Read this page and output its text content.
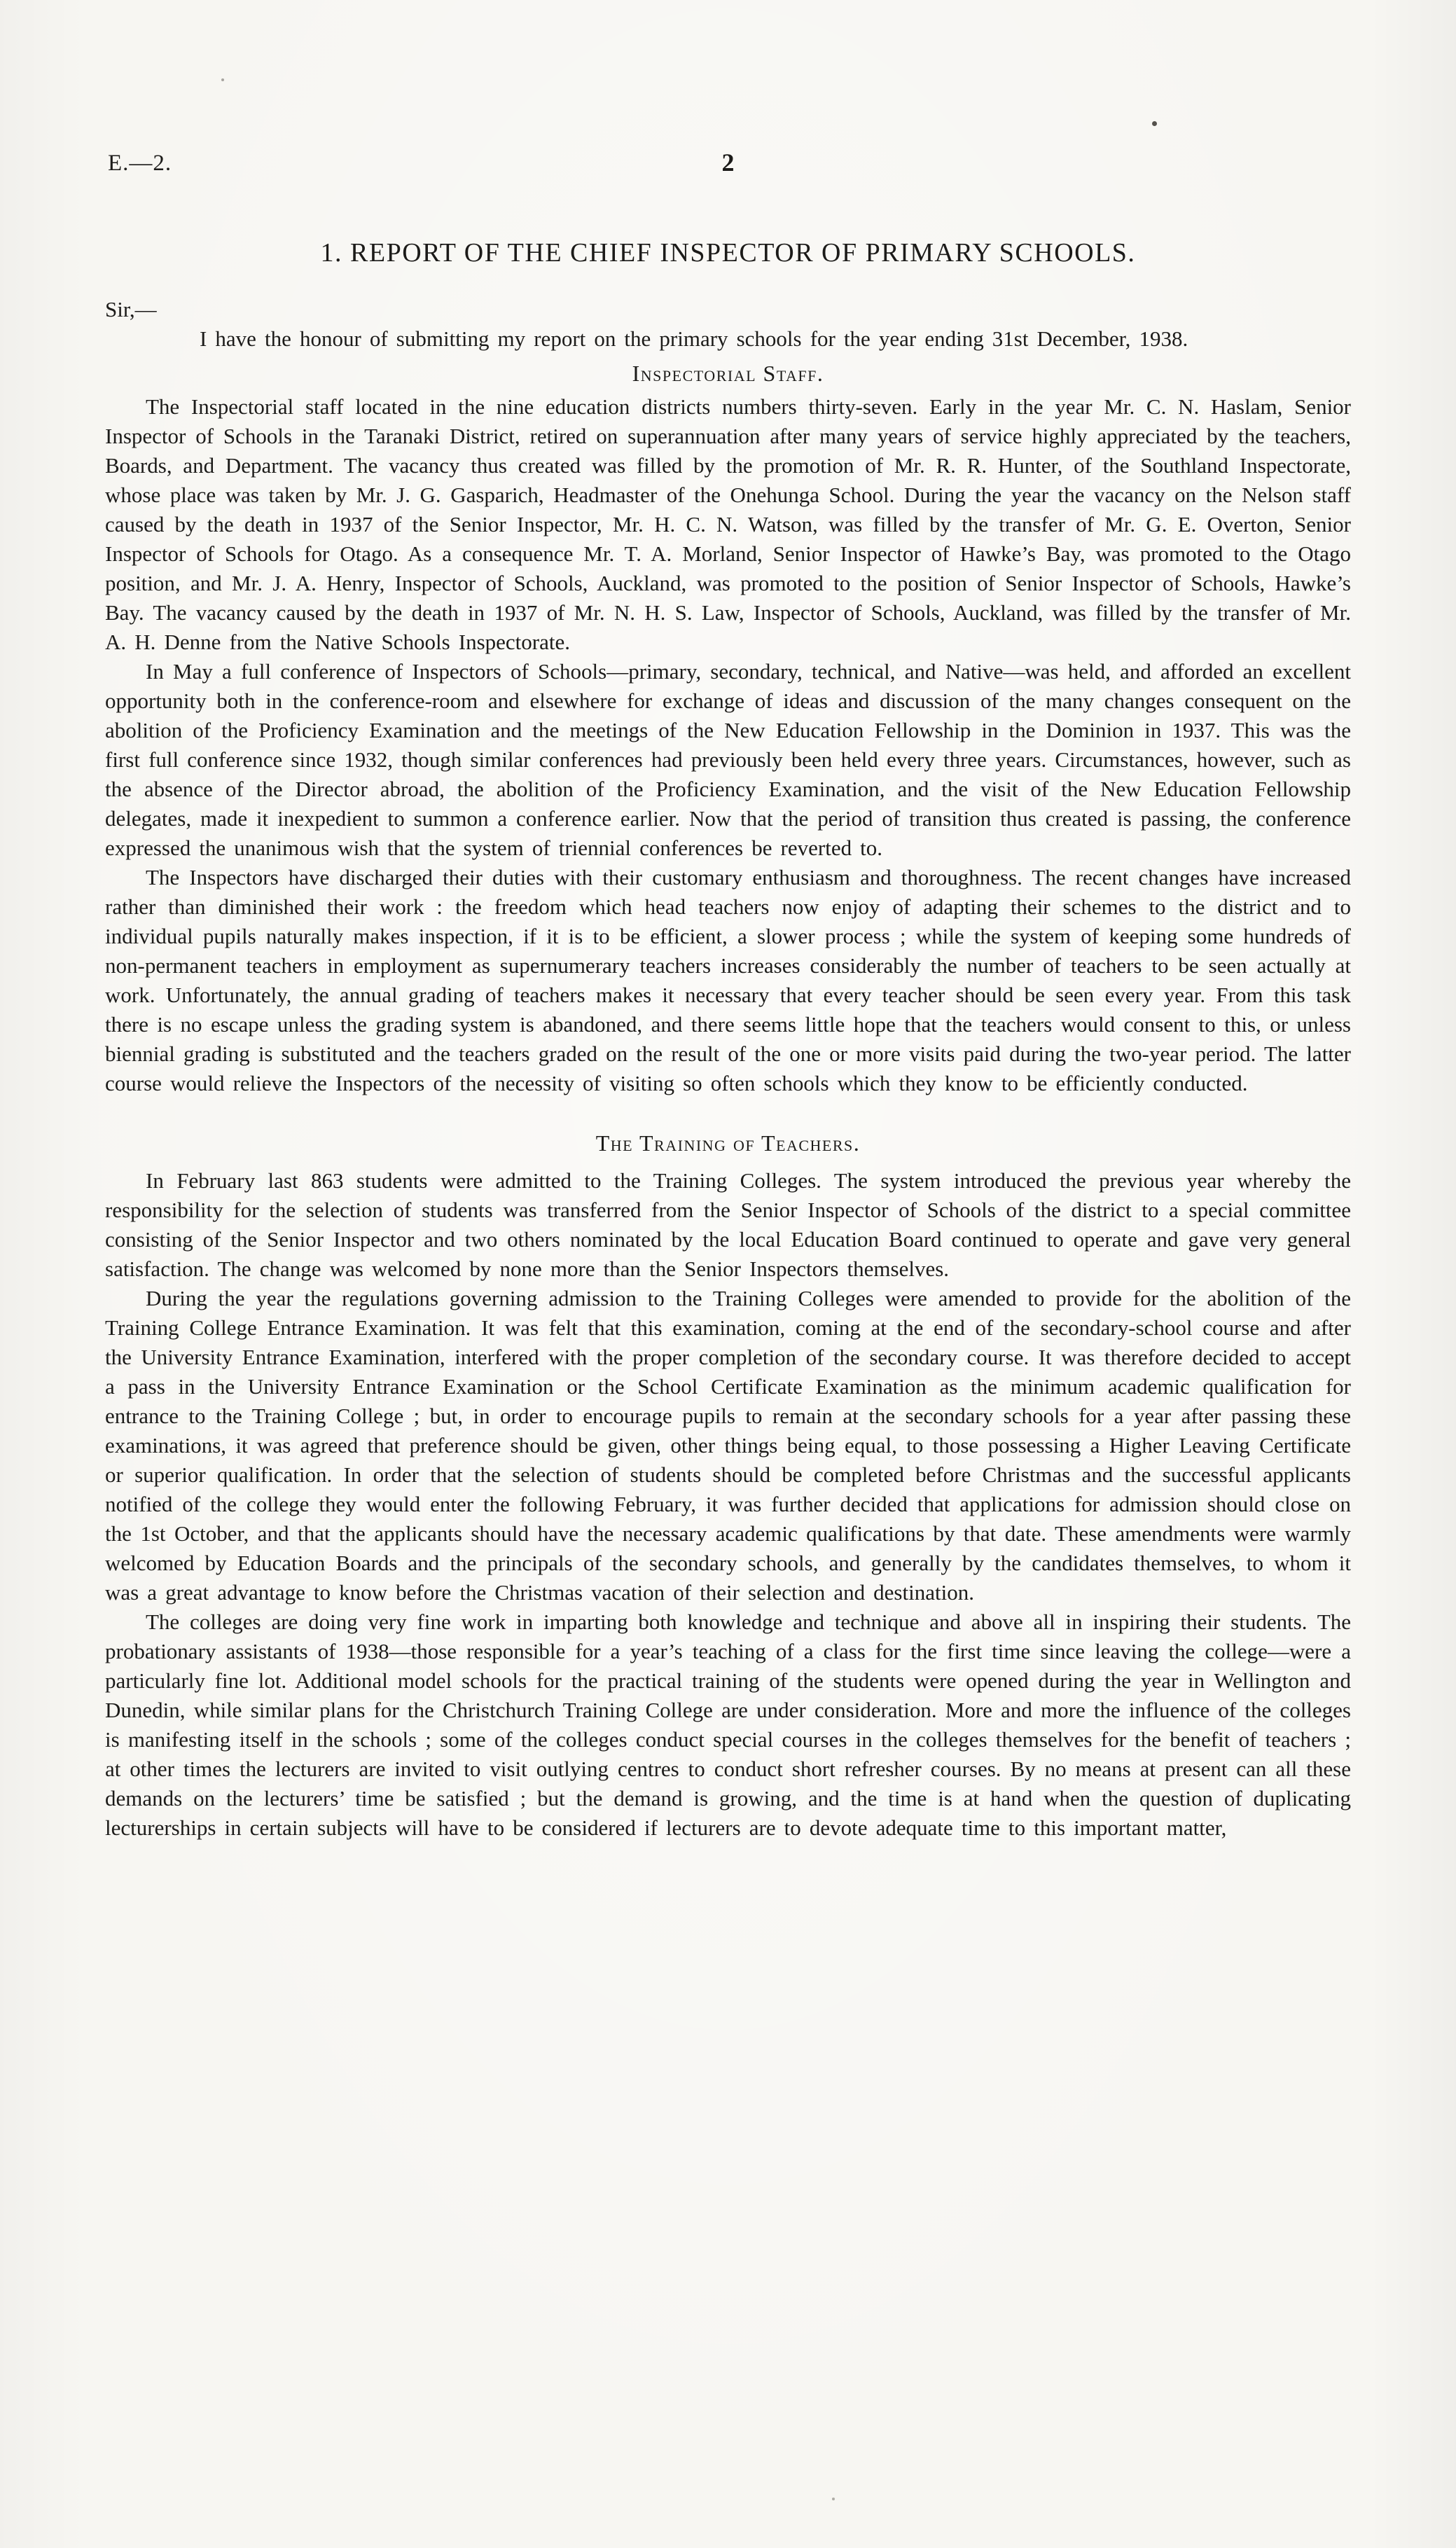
E.—2.	2
1. REPORT OF THE CHIEF INSPECTOR OF PRIMARY SCHOOLS.
Sir,—

I have the honour of submitting my report on the primary schools for the year ending 31st December, 1938.

Inspectorial Staff.

The Inspectorial staff located in the nine education districts numbers thirty-seven. Early in the year Mr. C. N. Haslam, Senior Inspector of Schools in the Taranaki District, retired on superannuation after many years of service highly appreciated by the teachers, Boards, and Department. The vacancy thus created was filled by the promotion of Mr. R. R. Hunter, of the Southland Inspectorate, whose place was taken by Mr. J. G. Gasparich, Headmaster of the Onehunga School. During the year the vacancy on the Nelson staff caused by the death in 1937 of the Senior Inspector, Mr. H. C. N. Watson, was filled by the transfer of Mr. G. E. Overton, Senior Inspector of Schools for Otago. As a consequence Mr. T. A. Morland, Senior Inspector of Hawke’s Bay, was promoted to the Otago position, and Mr. J. A. Henry, Inspector of Schools, Auckland, was promoted to the position of Senior Inspector of Schools, Hawke’s Bay. The vacancy caused by the death in 1937 of Mr. N. H. S. Law, Inspector of Schools, Auckland, was filled by the transfer of Mr. A. H. Denne from the Native Schools Inspectorate.

In May a full conference of Inspectors of Schools—primary, secondary, technical, and Native—was held, and afforded an excellent opportunity both in the conference-room and elsewhere for exchange of ideas and discussion of the many changes consequent on the abolition of the Proficiency Examination and the meetings of the New Education Fellowship in the Dominion in 1937. This was the first full conference since 1932, though similar conferences had previously been held every three years. Circumstances, however, such as the absence of the Director abroad, the abolition of the Proficiency Examination, and the visit of the New Education Fellowship delegates, made it inexpedient to summon a conference earlier. Now that the period of transition thus created is passing, the conference expressed the unanimous wish that the system of triennial conferences be reverted to.

The Inspectors have discharged their duties with their customary enthusiasm and thoroughness. The recent changes have increased rather than diminished their work : the freedom which head teachers now enjoy of adapting their schemes to the district and to individual pupils naturally makes inspection, if it is to be efficient, a slower process ; while the system of keeping some hundreds of non-permanent teachers in employment as supernumerary teachers increases considerably the number of teachers to be seen actually at work. Unfortunately, the annual grading of teachers makes it necessary that every teacher should be seen every year. From this task there is no escape unless the grading system is abandoned, and there seems little hope that the teachers would consent to this, or unless biennial grading is substituted and the teachers graded on the result of the one or more visits paid during the two-year period. The latter course would relieve the Inspectors of the necessity of visiting so often schools which they know to be efficiently conducted.

The Training of Teachers.

In February last 863 students were admitted to the Training Colleges. The system introduced the previous year whereby the responsibility for the selection of students was transferred from the Senior Inspector of Schools of the district to a special committee consisting of the Senior Inspector and two others nominated by the local Education Board continued to operate and gave very general satisfaction. The change was welcomed by none more than the Senior Inspectors themselves.

During the year the regulations governing admission to the Training Colleges were amended to provide for the abolition of the Training College Entrance Examination. It was felt that this examination, coming at the end of the secondary-school course and after the University Entrance Examination, interfered with the proper completion of the secondary course. It was therefore decided to accept a pass in the University Entrance Examination or the School Certificate Examination as the minimum academic qualification for entrance to the Training College ; but, in order to encourage pupils to remain at the secondary schools for a year after passing these examinations, it was agreed that preference should be given, other things being equal, to those possessing a Higher Leaving Certificate or superior qualification. In order that the selection of students should be completed before Christmas and the successful applicants notified of the college they would enter the following February, it was further decided that applications for admission should close on the 1st October, and that the applicants should have the necessary academic qualifications by that date. These amendments were warmly welcomed by Education Boards and the principals of the secondary schools, and generally by the candidates themselves, to whom it was a great advantage to know before the Christmas vacation of their selection and destination.

The colleges are doing very fine work in imparting both knowledge and technique and above all in inspiring their students. The probationary assistants of 1938—those responsible for a year’s teaching of a class for the first time since leaving the college—were a particularly fine lot. Additional model schools for the practical training of the students were opened during the year in Wellington and Dunedin, while similar plans for the Christchurch Training College are under consideration. More and more the influence of the colleges is manifesting itself in the schools ; some of the colleges conduct special courses in the colleges themselves for the benefit of teachers ; at other times the lecturers are invited to visit outlying centres to conduct short refresher courses. By no means at present can all these demands on the lecturers’ time be satisfied ; but the demand is growing, and the time is at hand when the question of duplicating lecturerships in certain subjects will have to be considered if lecturers are to devote adequate time to this important matter,
